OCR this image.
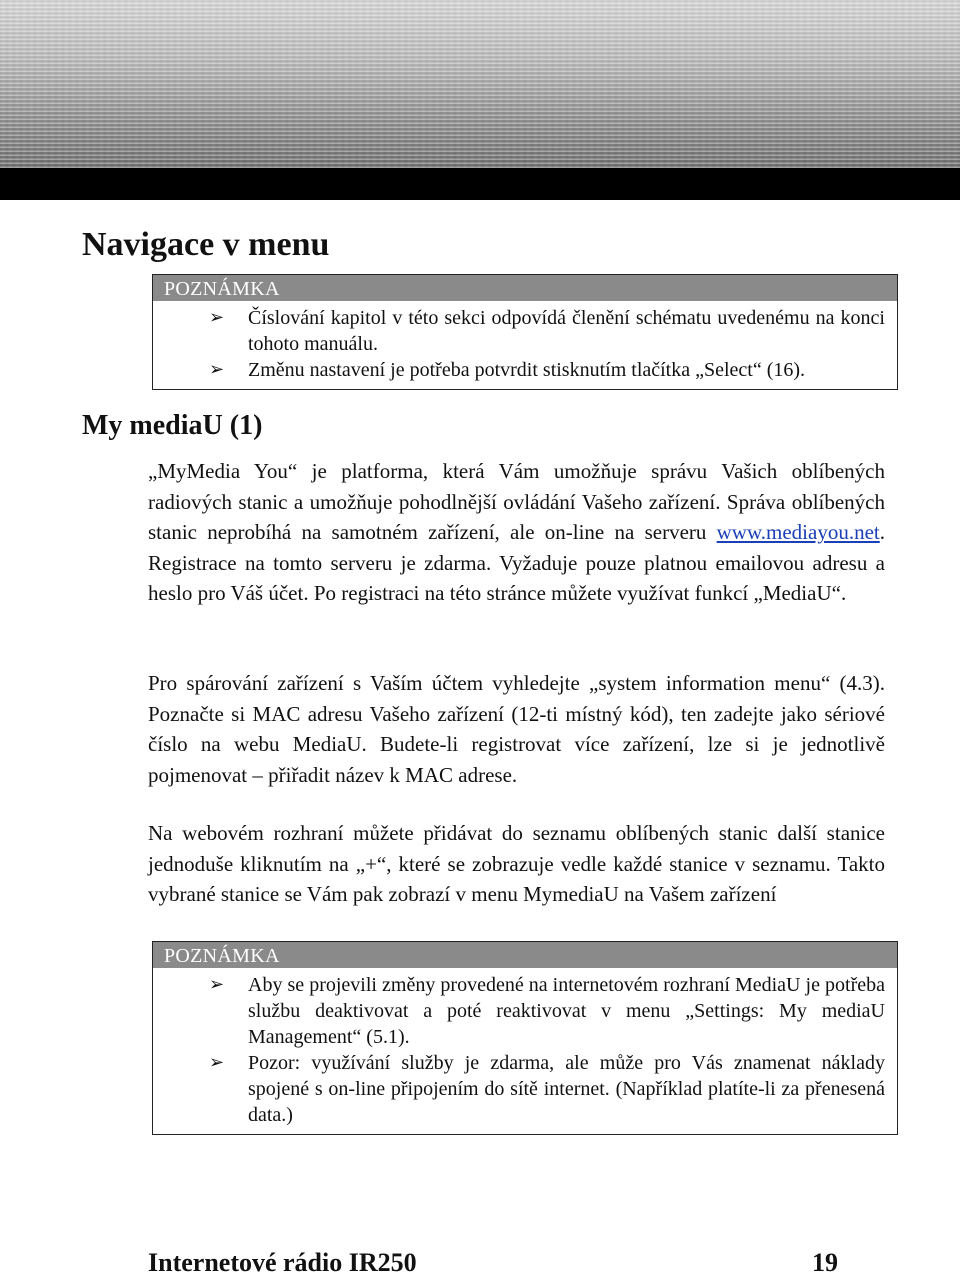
Navigace v menu
POZNÁMKA
➢ Číslování kapitol v této sekci odpovídá členění schématu uvedenému na konci tohoto manuálu.
➢ Změnu nastavení je potřeba potvrdit stisknutím tlačítka „Select“ (16).
My mediaU (1)

„MyMedia You“ je platforma, která Vám umožňuje správu Vašich oblíbených radiových stanic a umožňuje pohodlnější ovládání Vašeho zařízení. Správa oblíbených stanic neprobíhá na samotném zařízení, ale on-line na serveru www.mediayou.net. Registrace na tomto serveru je zdarma. Vyžaduje pouze platnou emailovou adresu a heslo pro Váš účet. Po registraci na této stránce můžete využívat funkcí „MediaU“.

Pro spárování zařízení s Vaším účtem vyhledejte „system information menu“ (4.3). Poznačte si MAC adresu Vašeho zařízení (12-ti místný kód), ten zadejte jako sériové číslo na webu MediaU. Budete-li registrovat více zařízení, lze si je jednotlivě pojmenovat – přiřadit název k MAC adrese.

Na webovém rozhraní můžete přidávat do seznamu oblíbených stanic další stanice jednoduše kliknutím na „+“, které se zobrazuje vedle každé stanice v seznamu. Takto vybrané stanice se Vám pak zobrazí v menu MymediaU na Vašem zařízení

POZNÁMKA
➢ Aby se projevili změny provedené na internetovém rozhraní MediaU je potřeba službu deaktivovat a poté reaktivovat v menu „Settings: My mediaU Management“ (5.1).
➢ Pozor: využívání služby je zdarma, ale může pro Vás znamenat náklady spojené s on-line připojením do sítě internet. (Například platíte-li za přenesená data.)
Internetové rádio IR250	19
